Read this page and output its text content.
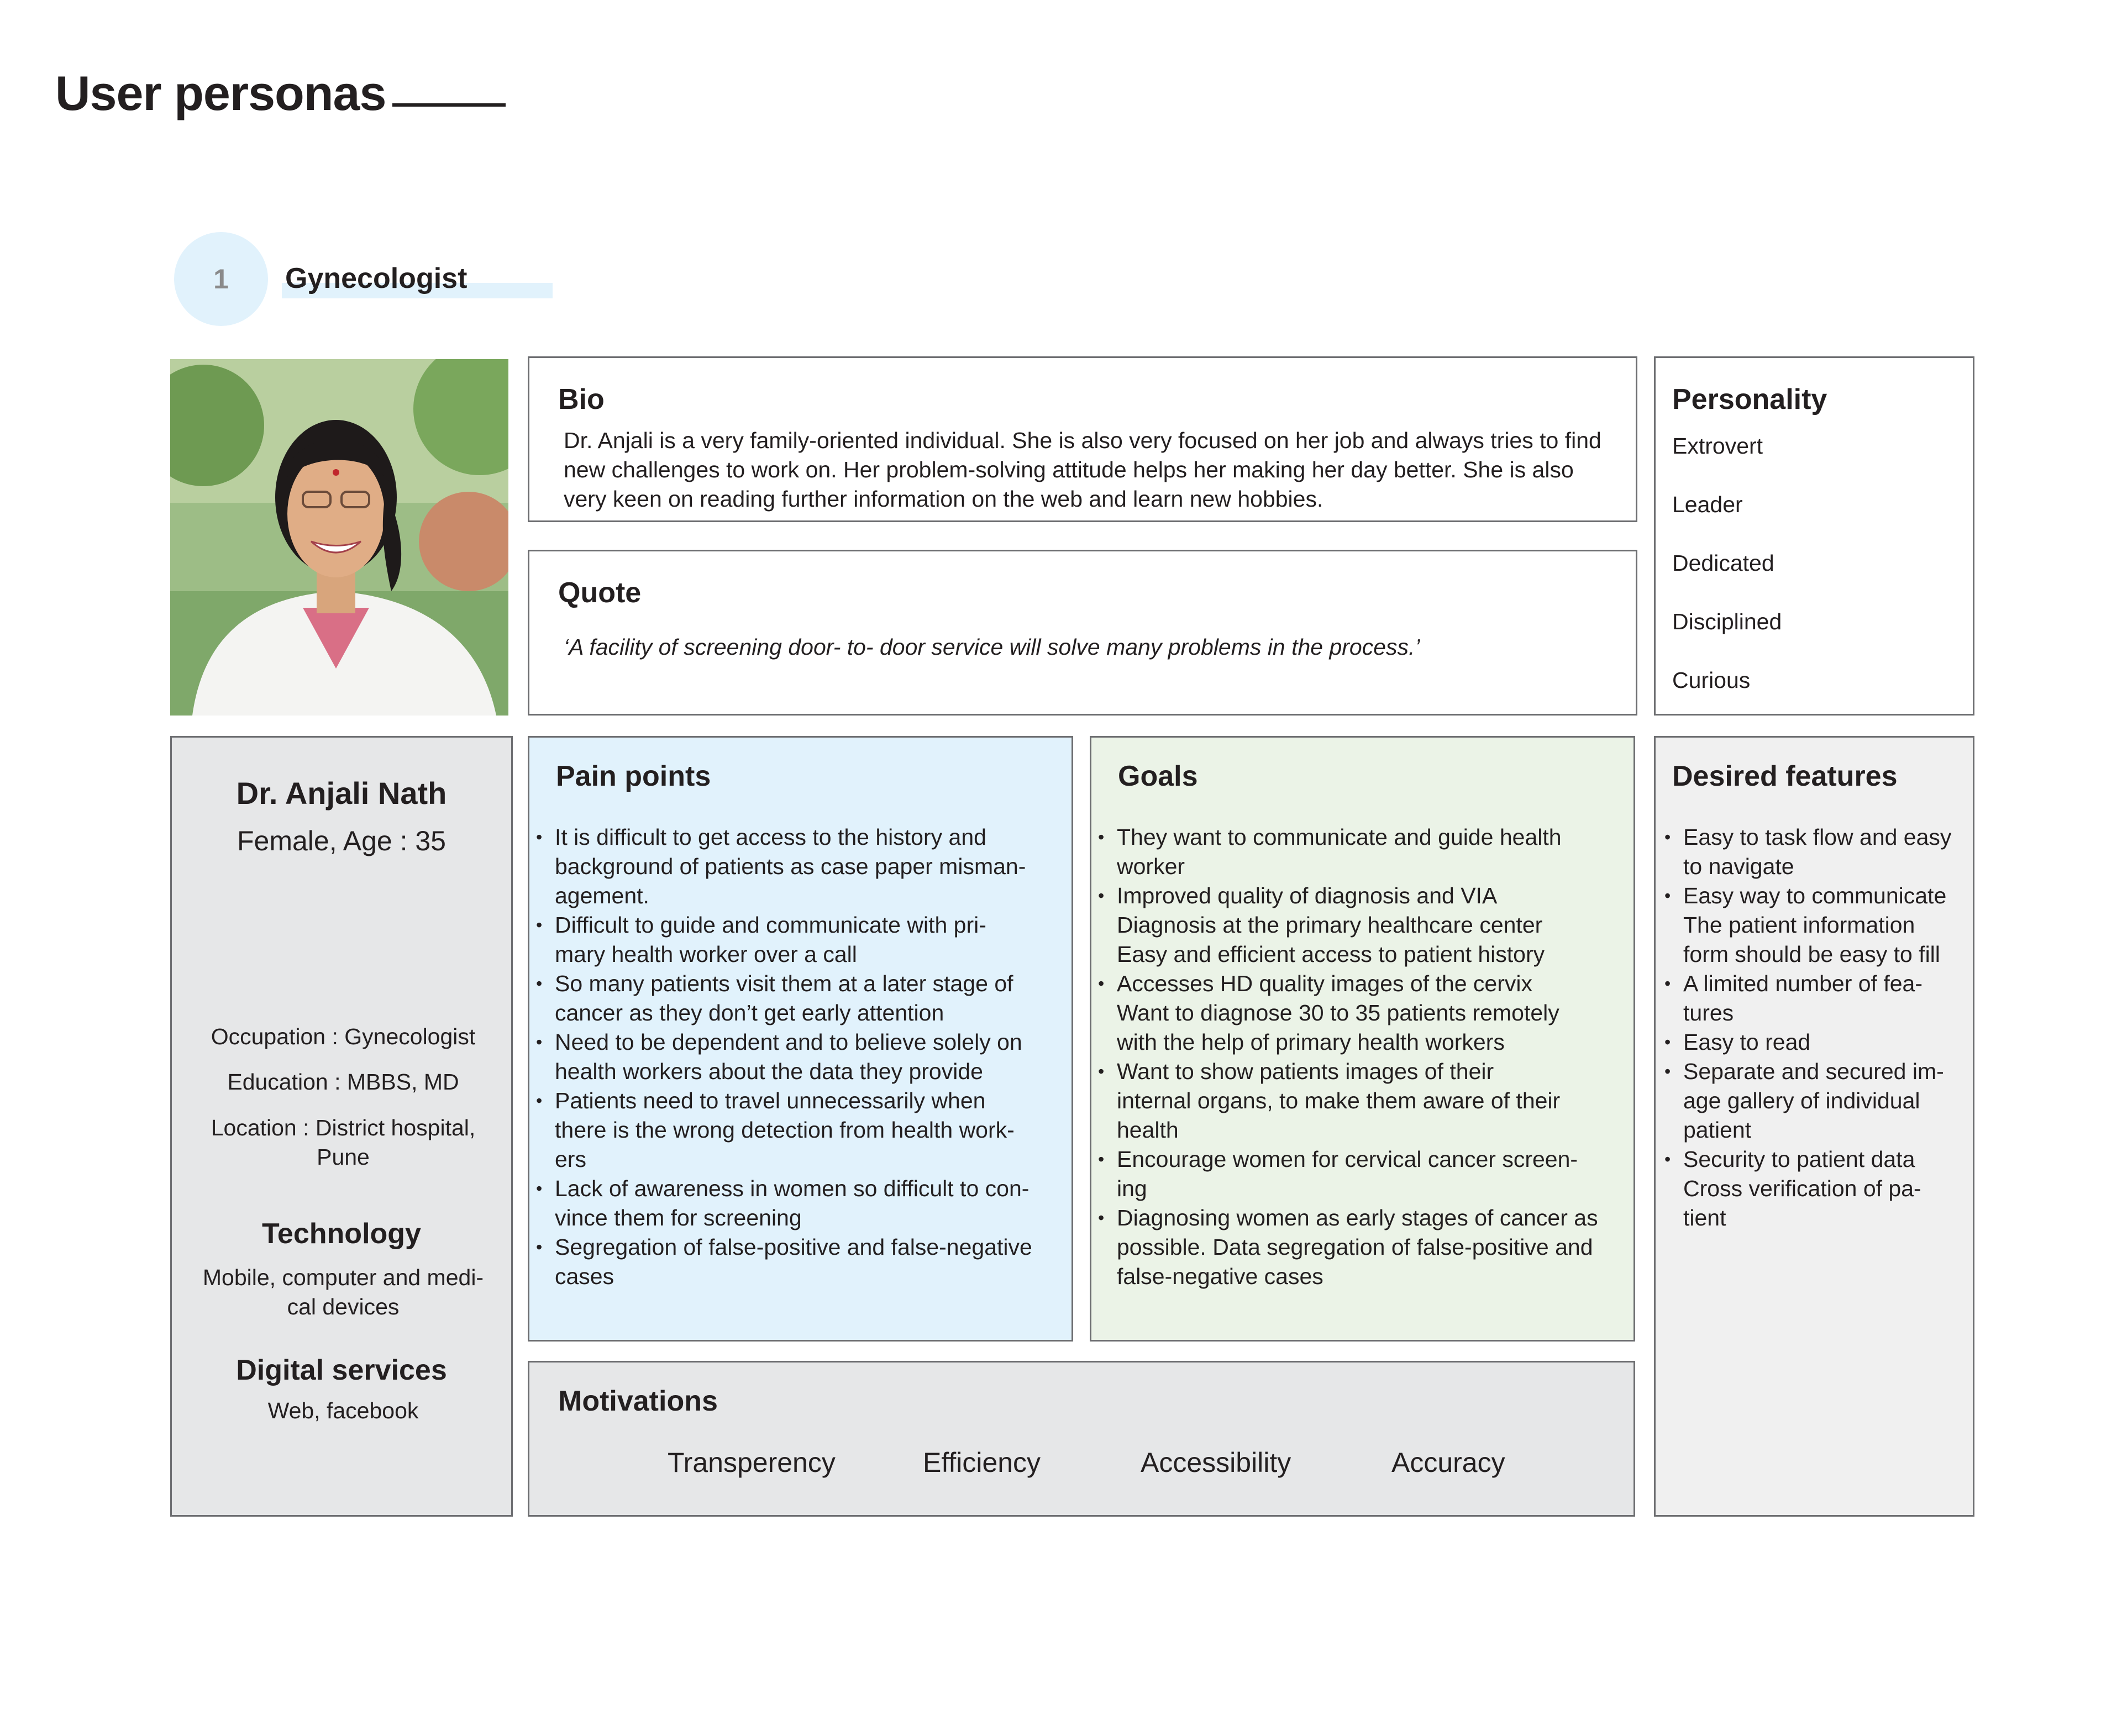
User personas
1 Gynecologist
Bio
Dr. Anjali is a very family-oriented individual. She is also very focused on her job and always tries to find
new challenges to work on. Her problem-solving attitude helps her making her day better. She is also
very keen on reading further information on the web and learn new hobbies.
Quote
‘A facility of screening door- to- door service will solve many problems in the process.’
Personality
Extrovert
Leader
Dedicated
Disciplined
Curious
Dr. Anjali Nath
Female, Age : 35
Occupation : Gynecologist
Education : MBBS, MD
Location : District hospital,
Pune
Technology
Mobile, computer and medi-
cal devices
Digital services
Web, facebook
Pain points
• It is difficult to get access to the history and
background of patients as case paper misman-
agement.
• Difficult to guide and communicate with pri-
mary health worker over a call
• So many patients visit them at a later stage of
cancer as they don’t get early attention
• Need to be dependent and to believe solely on
health workers about the data they provide
• Patients need to travel unnecessarily when
there is the wrong detection from health work-
ers
• Lack of awareness in women so difficult to con-
vince them for screening
• Segregation of false-positive and false-negative
cases
Goals
• They want to communicate and guide health
worker
• Improved quality of diagnosis and VIA
Diagnosis at the primary healthcare center
Easy and efficient access to patient history
• Accesses HD quality images of the cervix
Want to diagnose 30 to 35 patients remotely
with the help of primary health workers
• Want to show patients images of their
internal organs, to make them aware of their
health
• Encourage women for cervical cancer screen-
ing
• Diagnosing women as early stages of cancer as
possible. Data segregation of false-positive and
false-negative cases
Desired features
• Easy to task flow and easy
to navigate
• Easy way to communicate
The patient information
form should be easy to fill
• A limited number of fea-
tures
• Easy to read
• Separate and secured im-
age gallery of individual
patient
• Security to patient data
Cross verification of pa-
tient
Motivations
Transperency	Efficiency	Accessibility	Accuracy
